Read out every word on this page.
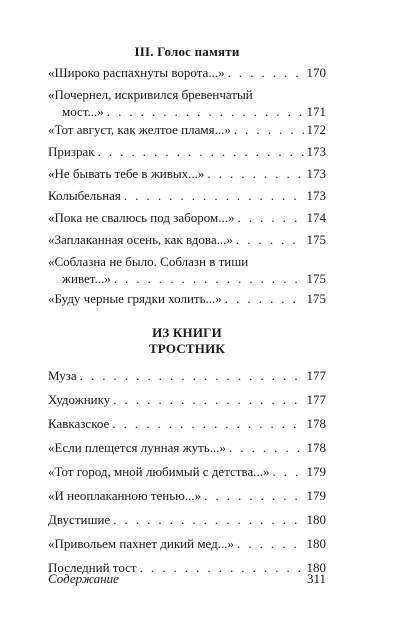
III. Голос памяти
«Широко распахнуты ворота...» . . .	170
«Почернел, искривился бревенчатый
мост...» . . .	171
«Тот август, как желтое пламя...» . . .	172
Призрак . . .	173
«Не бывать тебе в живых...» . . .	173
Колыбельная . . .	173
«Пока не свалюсь под забором...» . . .	174
«Заплаканная осень, как вдова...» . . .	175
«Соблазна не было. Соблазн в тиши
живет...» . . .	175
«Буду черные грядки холить...» . . .	175
ИЗ КНИГИ
ТРОСТНИК
Муза . . .	177
Художнику . . .	177
Кавказское . . .	178
«Если плещется лунная жуть...» . . .	178
«Тот город, мной любимый с детства...» . . .	179
«И неоплаканною тенью...» . . .	179
Двустишие . . .	180
«Привольем пахнет дикий мед...» . . .	180
Содержание	311
Последний тост . . .	180
